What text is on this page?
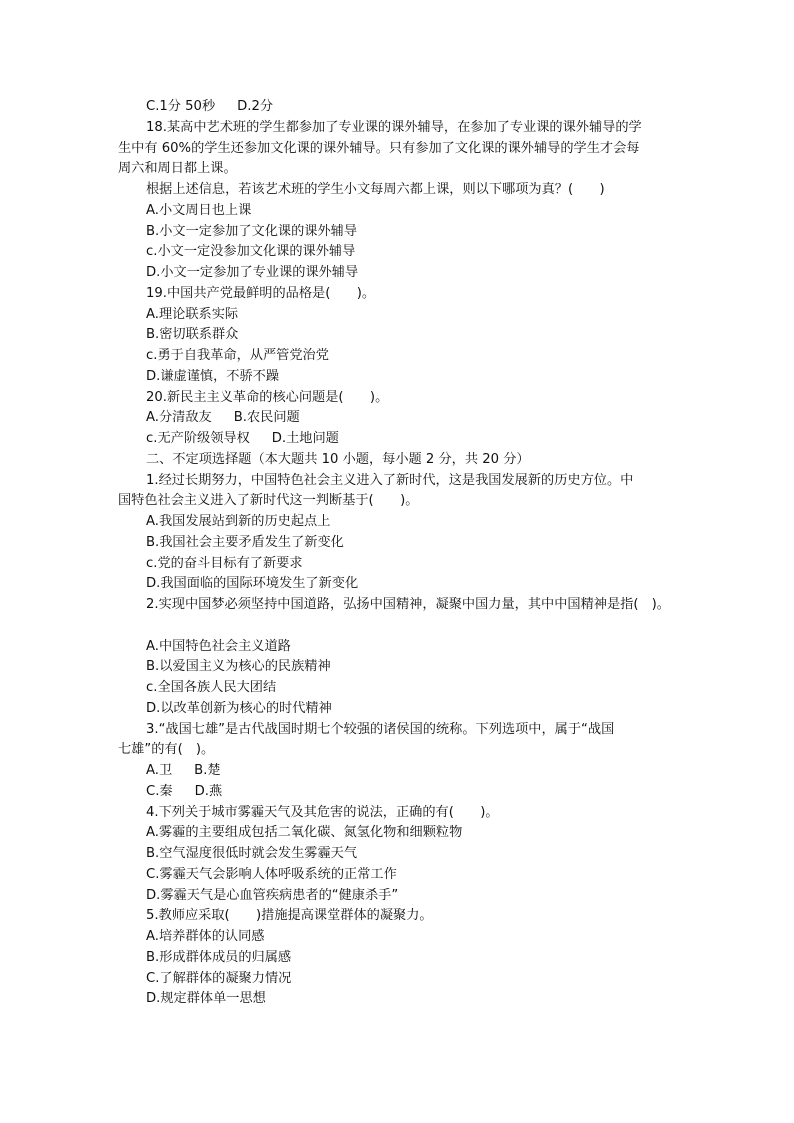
C.1分 50秒 D.2分
18.某高中艺术班的学生都参加了专业课的课外辅导，在参加了专业课的课外辅导的学
生中有 60%的学生还参加文化课的课外辅导。只有参加了文化课的课外辅导的学生才会每
周六和周日都上课。
根据上述信息，若该艺术班的学生小文每周六都上课，则以下哪项为真？(　　)
A.小文周日也上课
B.小文一定参加了文化课的课外辅导
c.小文一定没参加文化课的课外辅导
D.小文一定参加了专业课的课外辅导
19.中国共产党最鲜明的品格是(　　)。
A.理论联系实际
B.密切联系群众
c.勇于自我革命，从严管党治党
D.谦虚谨慎，不骄不躁
20.新民主主义革命的核心问题是(　　)。
A.分清敌友 B.农民问题
c.无产阶级领导权 D.土地问题
二、不定项选择题（本大题共 10 小题，每小题 2 分，共 20 分）
1.经过长期努力，中国特色社会主义进入了新时代，这是我国发展新的历史方位。中
国特色社会主义进入了新时代这一判断基于(　　)。
A.我国发展站到新的历史起点上
B.我国社会主要矛盾发生了新变化
c.党的奋斗目标有了新要求
D.我国面临的国际环境发生了新变化
2.实现中国梦必须坚持中国道路，弘扬中国精神，凝聚中国力量，其中中国精神是指(　)。
A.中国特色社会主义道路
B.以爱国主义为核心的民族精神
c.全国各族人民大团结
D.以改革创新为核心的时代精神
3.“战国七雄”是古代战国时期七个较强的诸侯国的统称。下列选项中，属于“战国
七雄”的有(　)。
A.卫 B.楚
C.秦 D.燕
4.下列关于城市雾霾天气及其危害的说法，正确的有(　　)。
A.雾霾的主要组成包括二氧化碳、氮氢化物和细颗粒物
B.空气湿度很低时就会发生雾霾天气
C.雾霾天气会影响人体呼吸系统的正常工作
D.雾霾天气是心血管疾病患者的“健康杀手”
5.教师应采取(　　)措施提高课堂群体的凝聚力。
A.培养群体的认同感
B.形成群体成员的归属感
C.了解群体的凝聚力情况
D.规定群体单一思想
